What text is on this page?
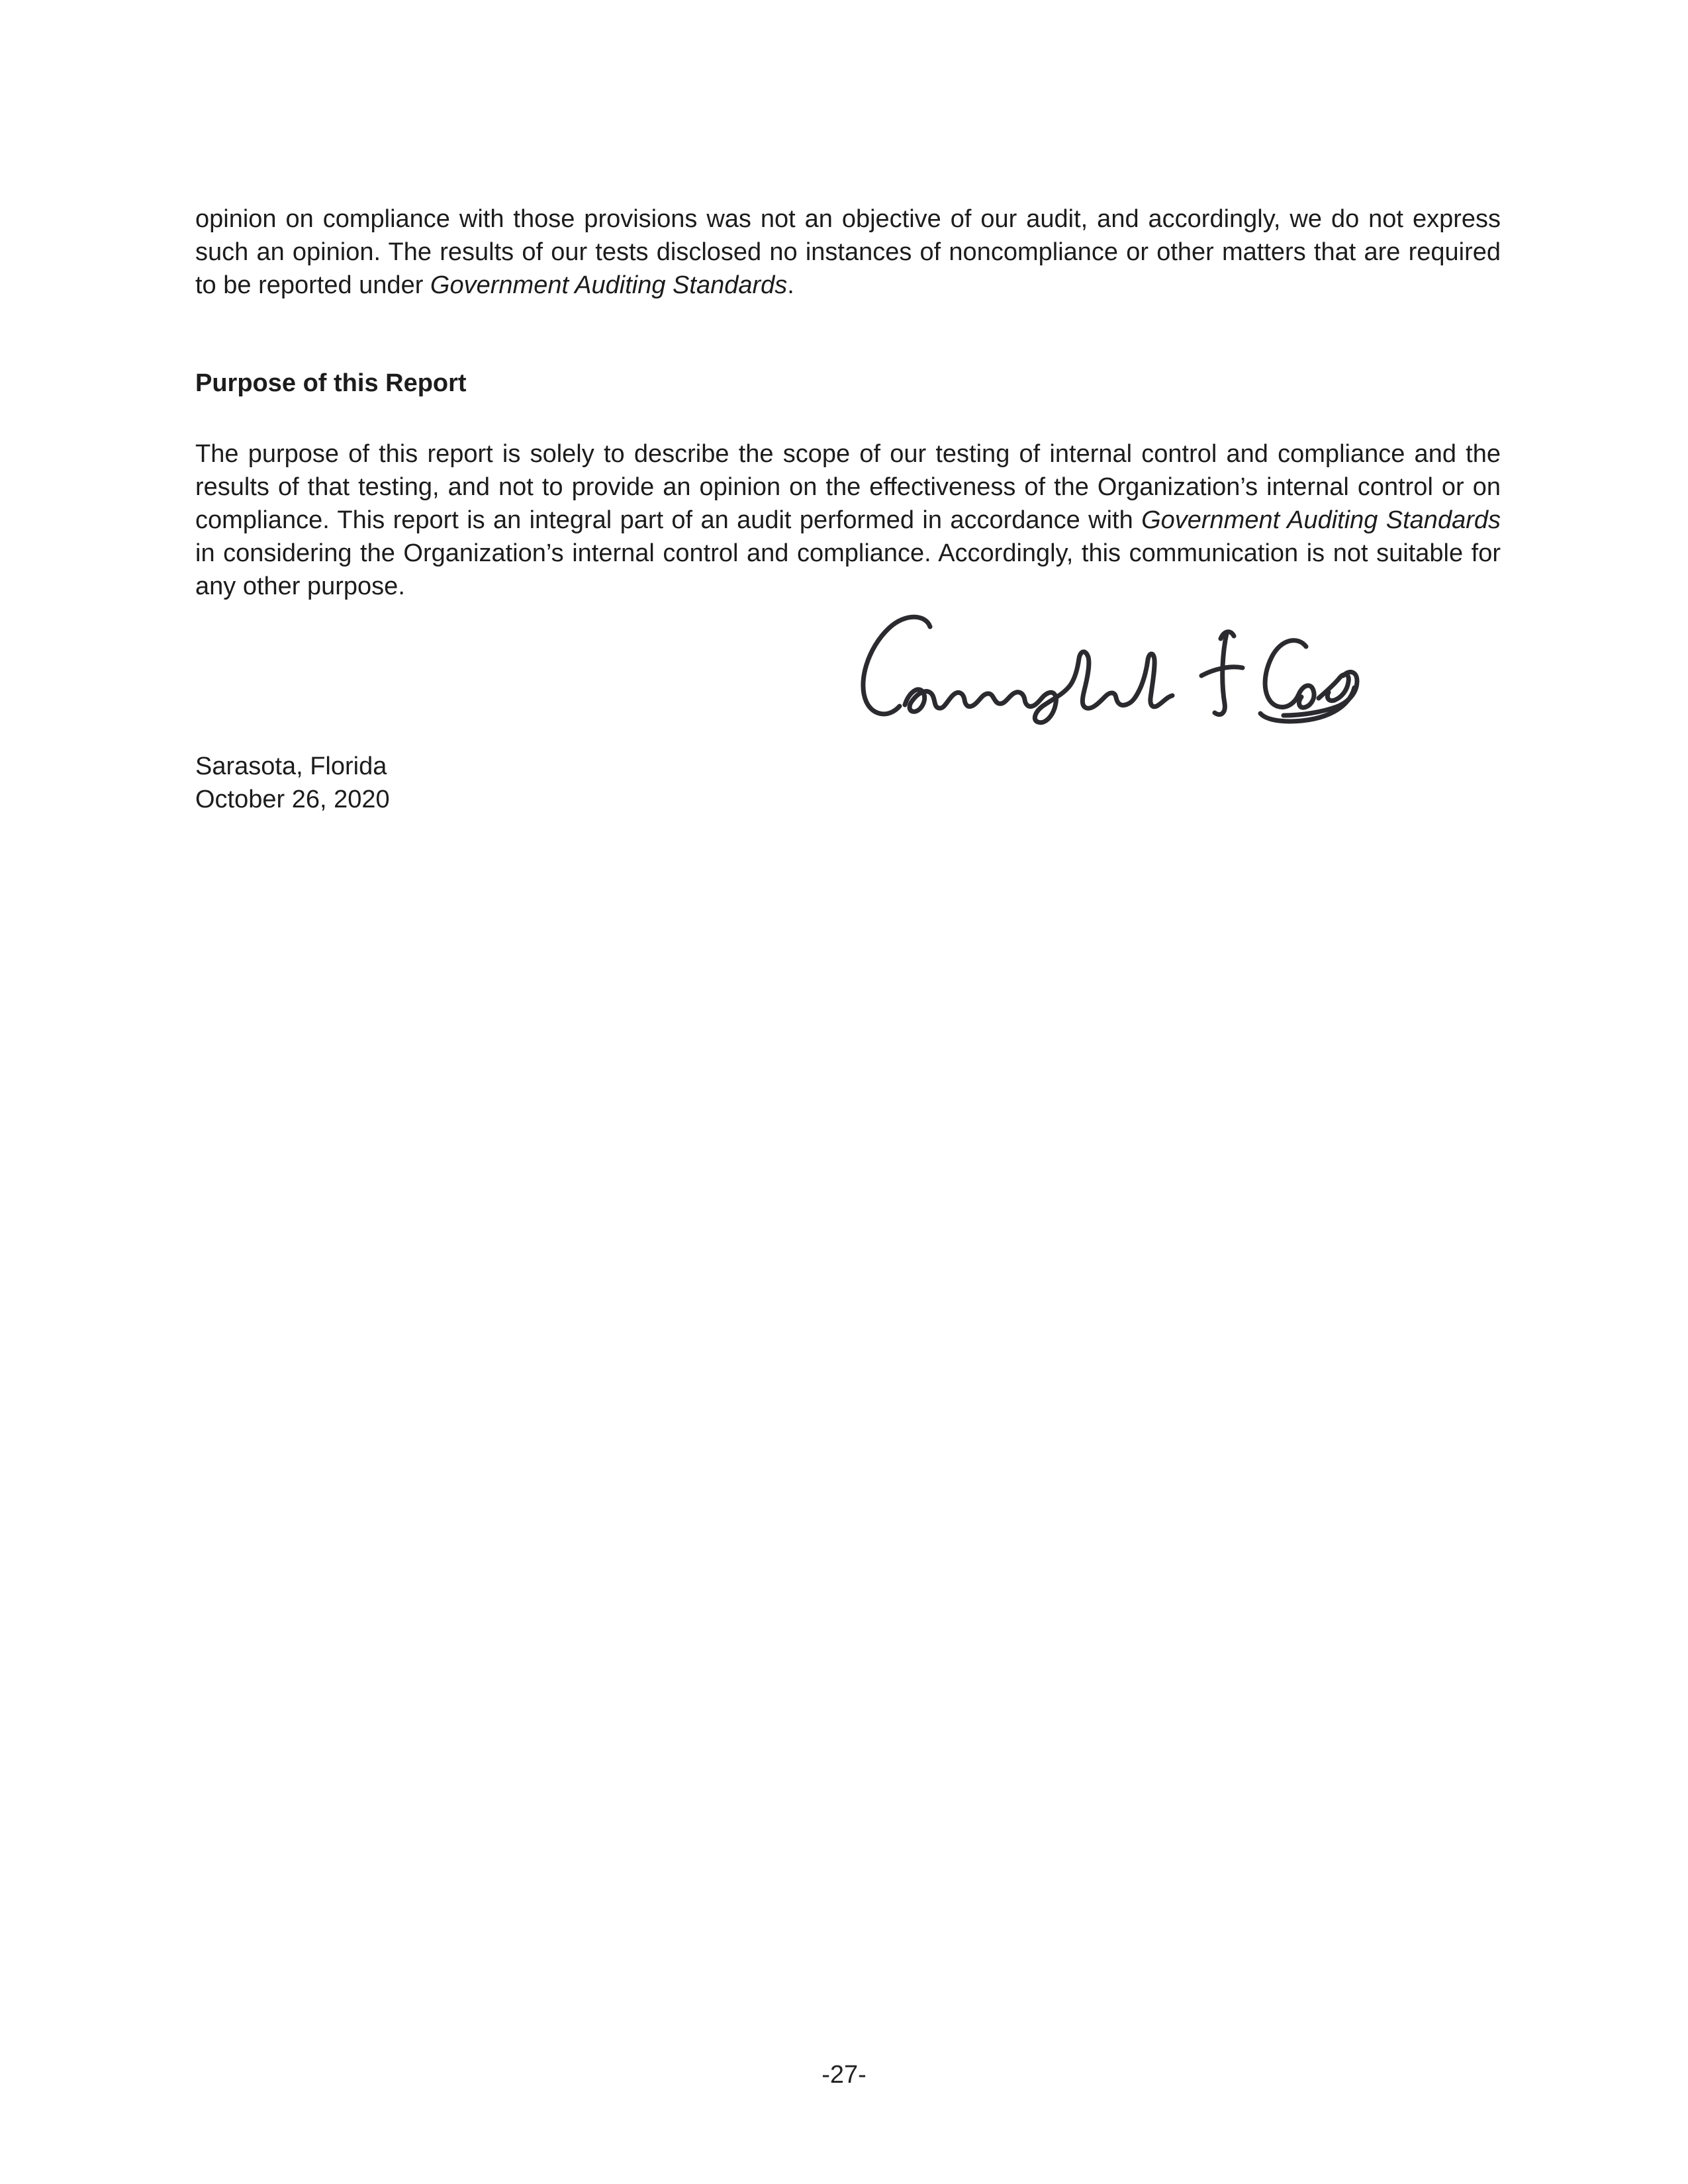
opinion on compliance with those provisions was not an objective of our audit, and accordingly, we do not express such an opinion. The results of our tests disclosed no instances of noncompliance or other matters that are required to be reported under Government Auditing Standards.

Purpose of this Report

The purpose of this report is solely to describe the scope of our testing of internal control and compliance and the results of that testing, and not to provide an opinion on the effectiveness of the Organization’s internal control or on compliance. This report is an integral part of an audit performed in accordance with Government Auditing Standards in considering the Organization’s internal control and compliance. Accordingly, this communication is not suitable for any other purpose.

Sarasota, Florida
October 26, 2020
-27-
